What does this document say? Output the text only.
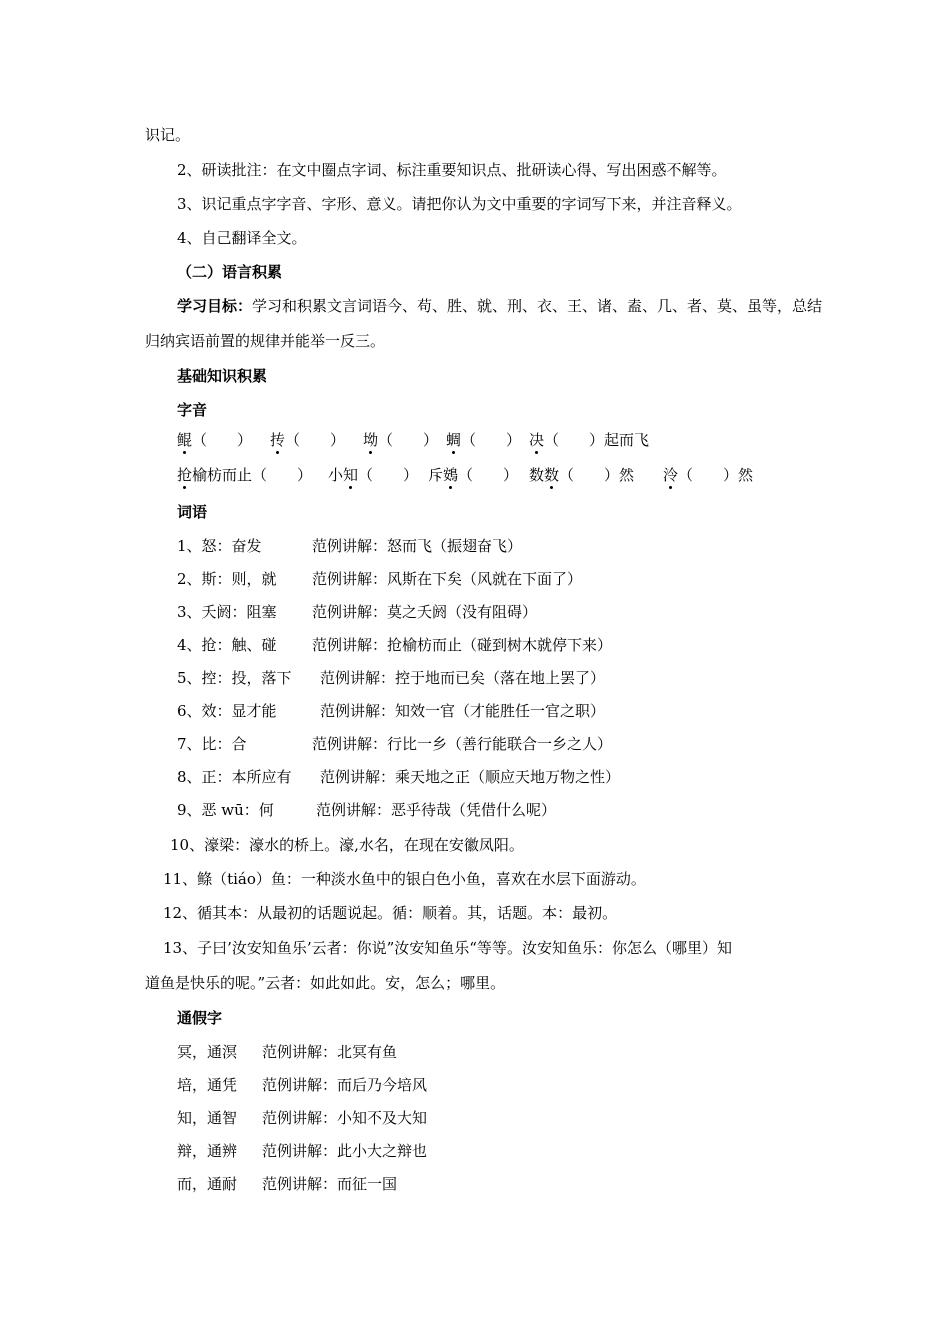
识记。
2、研读批注：在文中圈点字词、标注重要知识点、批研读心得、写出困惑不解等。
3、识记重点字字音、字形、意义。请把你认为文中重要的字词写下来，并注音释义。
4、自己翻译全文。
（二）语言积累
学习目标：学习和积累文言词语今、苟、胜、就、刑、衣、王、诸、盍、几、者、莫、虽等，总结
归纳宾语前置的规律并能举一反三。
基础知识积累
字音
鲲（　　） 抟（　　） 坳（　　） 蜩（　　） 决（　　）起而飞
抢榆枋而止（　　） 小知（　　） 斥鴳（　　） 数数（　　）然 泠（　　）然
词语
1、怒：奋发	范例讲解：怒而飞（振翅奋飞）
2、斯：则，就 范例讲解：风斯在下矣（风就在下面了）
3、夭阏：阻塞 范例讲解：莫之夭阏（没有阻碍）
4、抢：触、碰 范例讲解：抢榆枋而止（碰到树木就停下来）
5、控：投，落下 范例讲解：控于地而已矣（落在地上罢了）
6、效：显才能	范例讲解：知效一官（才能胜任一官之职）
7、比：合	范例讲解：行比一乡（善行能联合一乡之人）
8、正：本所应有 范例讲解：乘天地之正（顺应天地万物之性）
9、恶 wū：何	范例讲解：恶乎待哉（凭借什么呢）
10、濠梁：濠水的桥上。濠,水名，在现在安徽凤阳。
11、鲦（tiáo）鱼：一种淡水鱼中的银白色小鱼，喜欢在水层下面游动。
12、循其本：从最初的话题说起。循：顺着。其，话题。本：最初。
13、子曰’汝安知鱼乐’云者：你说”汝安知鱼乐“等等。汝安知鱼乐：你怎么（哪里）知
道鱼是快乐的呢。”云者：如此如此。安，怎么；哪里。
通假字
冥，通溟 范例讲解：北冥有鱼
培，通凭 范例讲解：而后乃今培风
知，通智 范例讲解：小知不及大知
辩，通辨 范例讲解：此小大之辩也
而，通耐 范例讲解：而征一国
